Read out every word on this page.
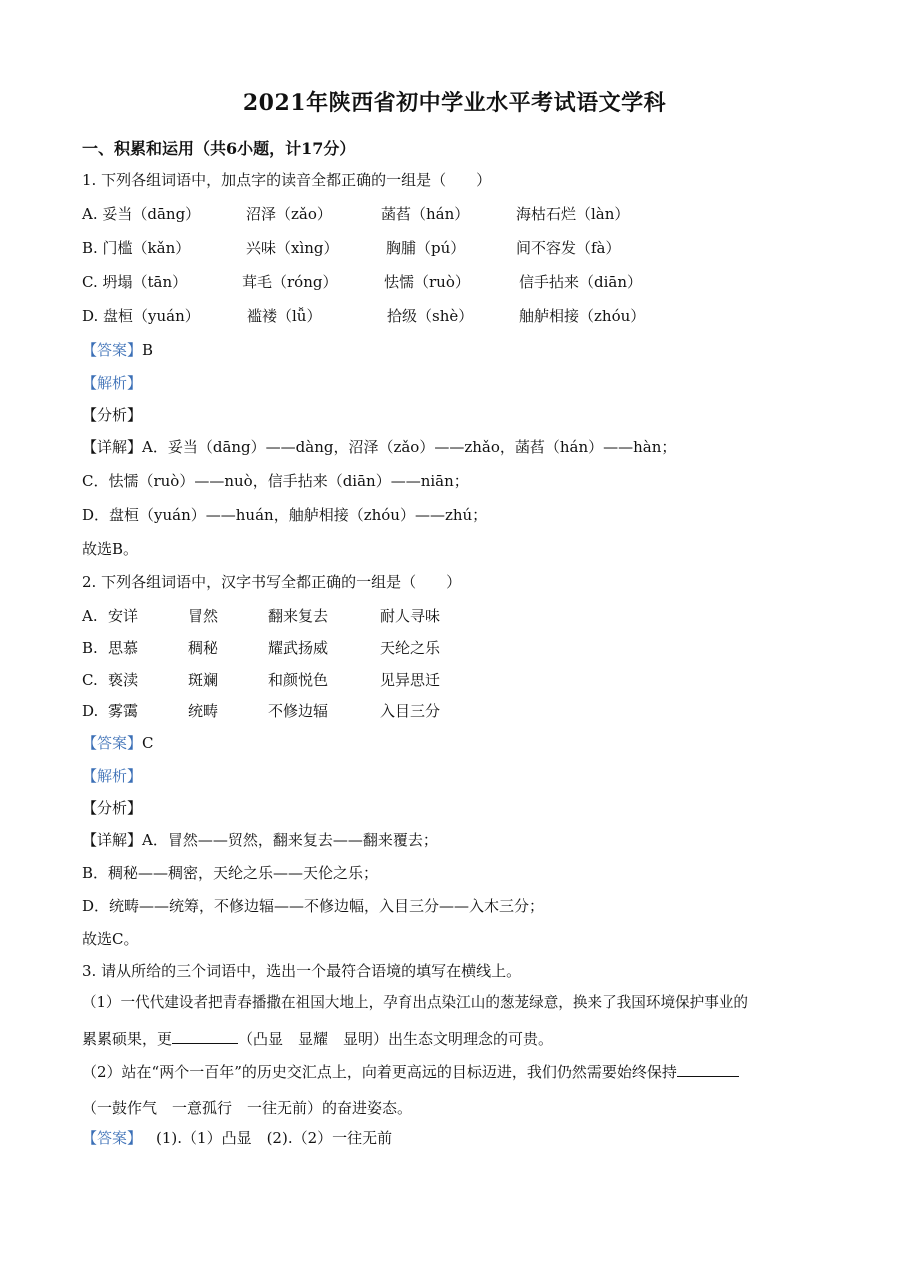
2021年陕西省初中学业水平考试语文学科
一、积累和运用（共6小题，计17分）
1. 下列各组词语中，加点字的读音全都正确的一组是（　　）
A. 妥当（dāng）	沼泽（zǎo）	菡萏（hán）	海枯石烂（làn）
B. 门槛（kǎn）	兴味（xìng）	胸脯（pú）	间不容发（fà）
C. 坍塌（tān）	茸毛（róng）	怯懦（ruò）	信手拈来（diān）
D. 盘桓（yuán）	褴褛（lǚ）	拾级（shè）	舳舻相接（zhóu）
【答案】B
【解析】
【分析】
【详解】A．妥当（dāng）——dàng，沼泽（zǎo）——zhǎo，菡萏（hán）——hàn；
C．怯懦（ruò）——nuò，信手拈来（diān）——niān；
D．盘桓（yuán）——huán，舳舻相接（zhóu）——zhú；
故选B。
2. 下列各组词语中，汉字书写全都正确的一组是（　　）
A. 安详	冒然	翻来复去	耐人寻味
B. 思慕	稠秘	耀武扬威	天纶之乐
C. 亵渎	斑斓	和颜悦色	见异思迁
D. 雾霭	统畴	不修边辐	入目三分
【答案】C
【解析】
【分析】
【详解】A．冒然——贸然，翻来复去——翻来覆去；
B．稠秘——稠密，天纶之乐——天伦之乐；
D．统畴——统筹，不修边辐——不修边幅，入目三分——入木三分；
故选C。
3. 请从所给的三个词语中，选出一个最符合语境的填写在横线上。
（1）一代代建设者把青春播撒在祖国大地上，孕育出点染江山的葱茏绿意，换来了我国环境保护事业的
累累硕果，更	（凸显　显耀　显明）出生态文明理念的可贵。
（2）站在“两个一百年”的历史交汇点上，向着更高远的目标迈进，我们仍然需要始终保持
（一鼓作气　一意孤行　一往无前）的奋进姿态。
【答案】 (1).（1）凸显　(2).（2）一往无前
